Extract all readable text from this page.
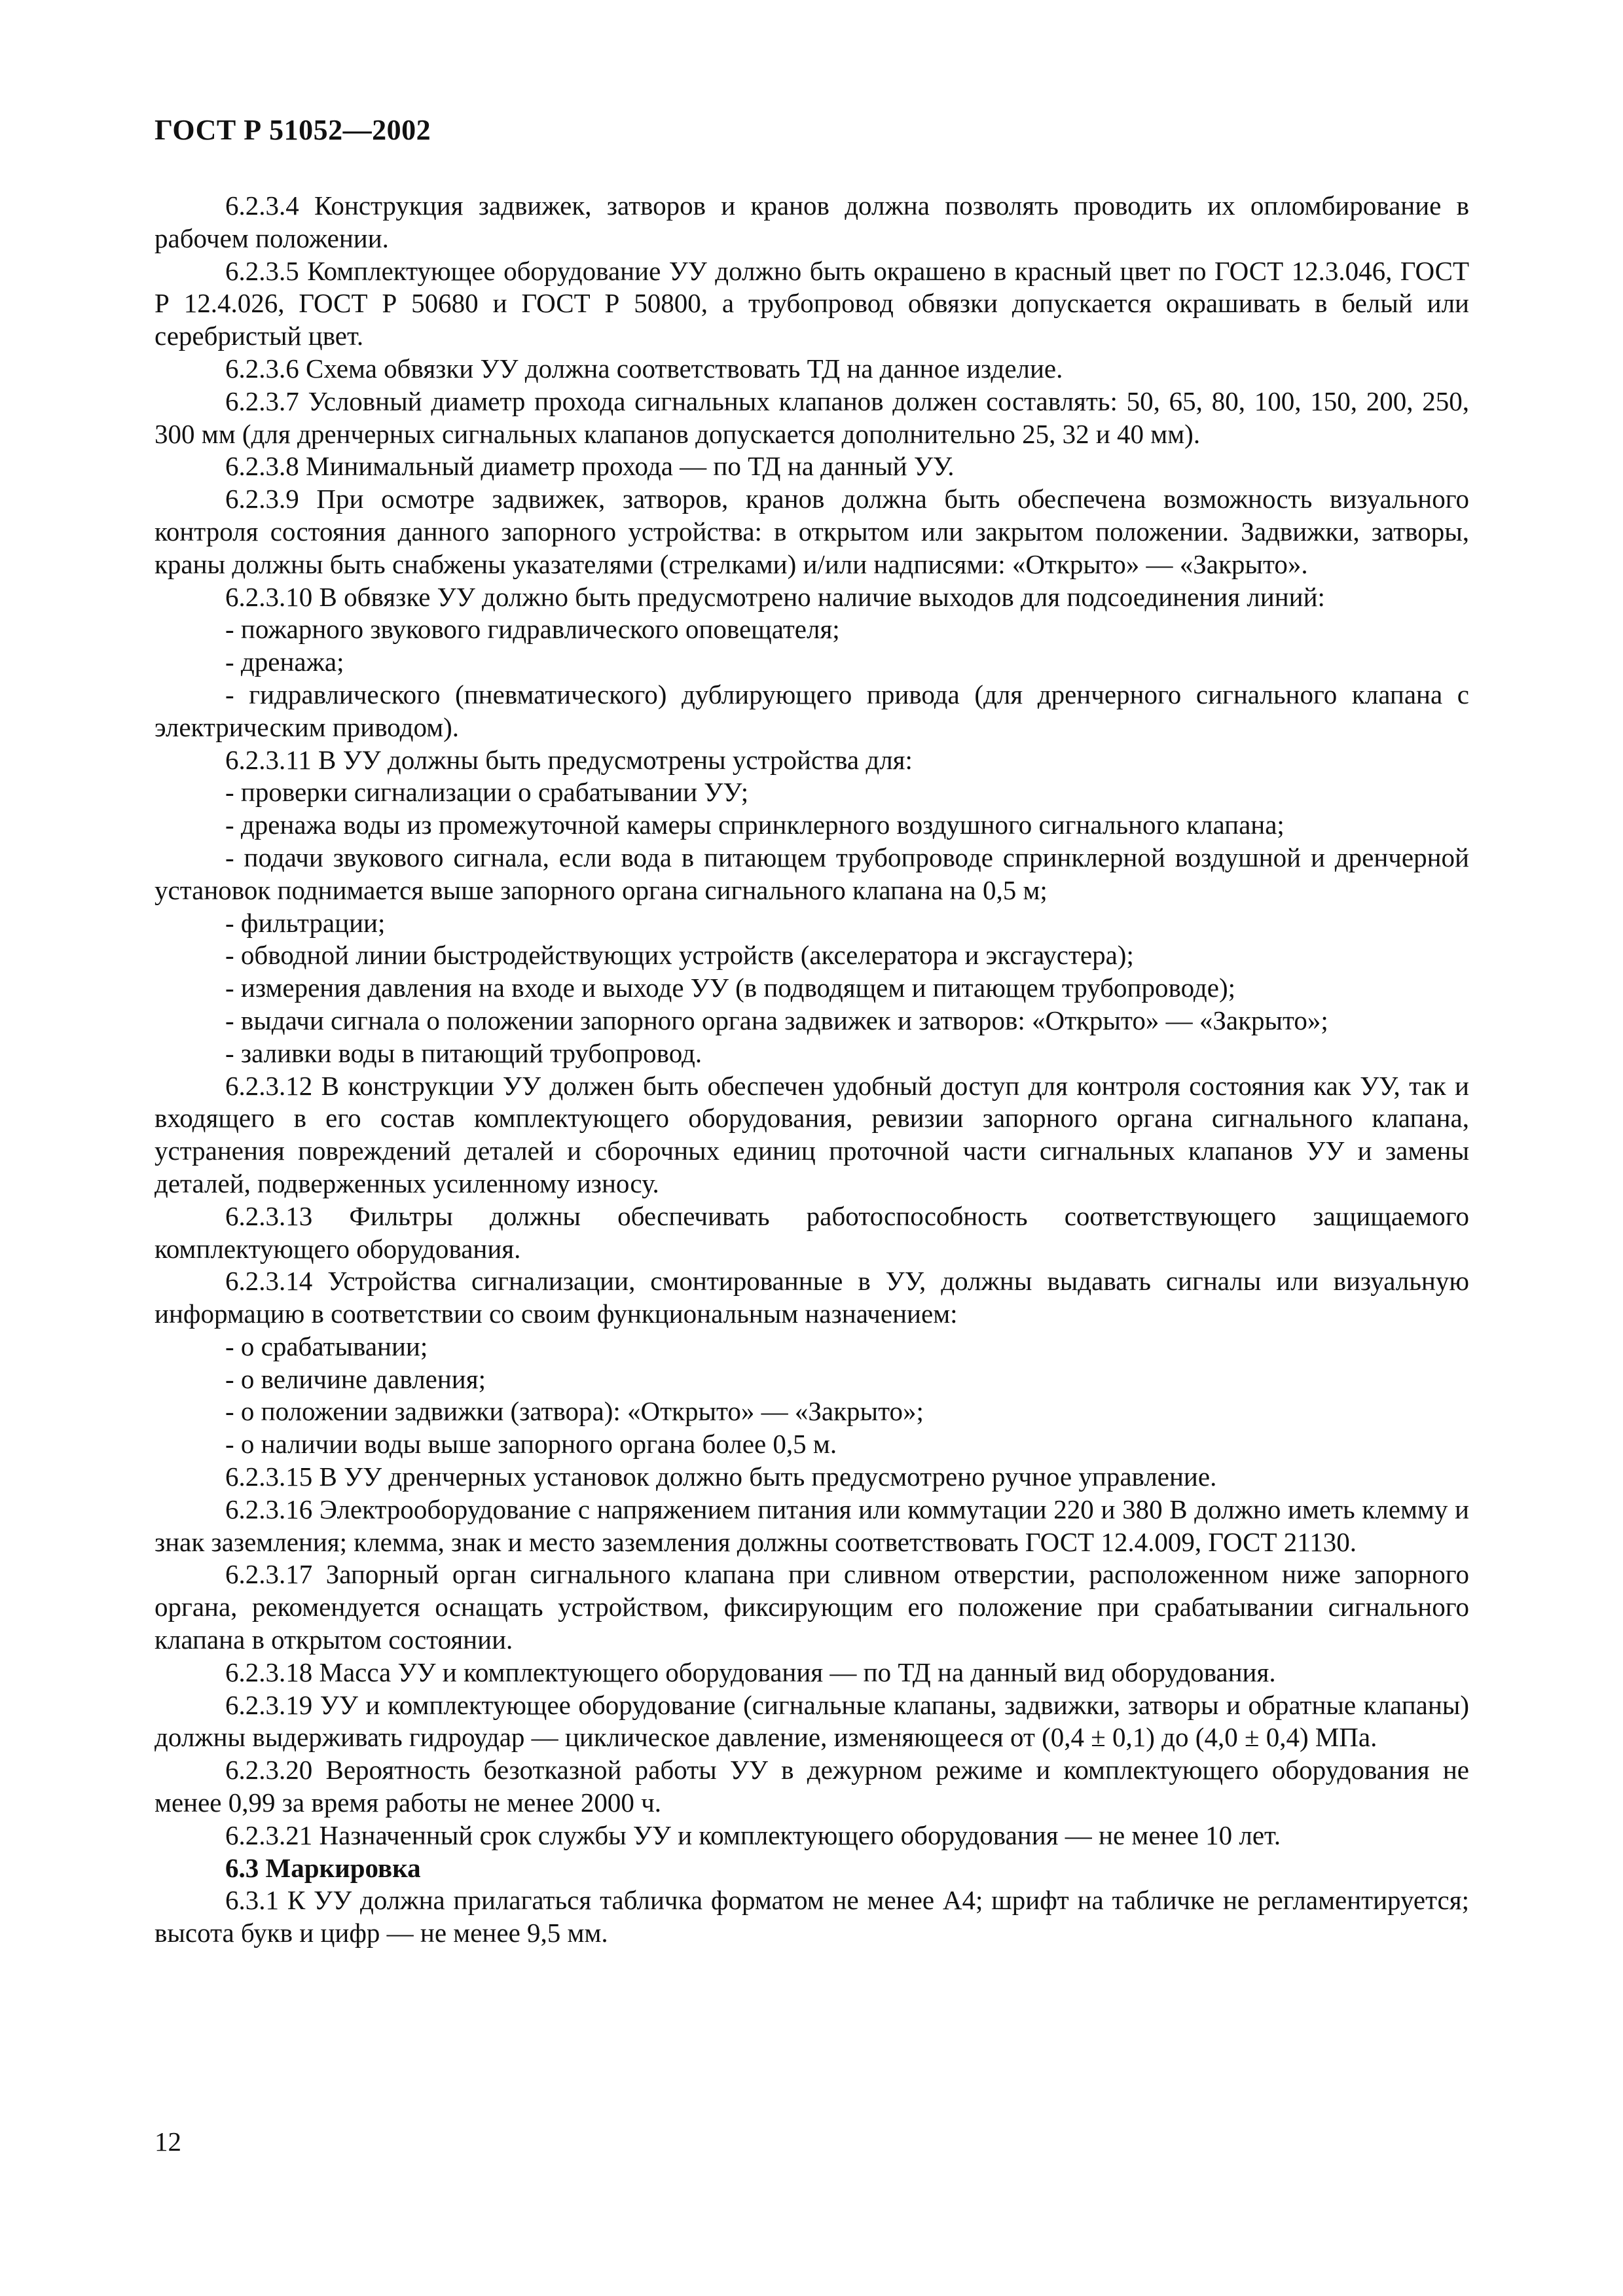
ГОСТ Р 51052—2002

6.2.3.4 Конструкция задвижек, затворов и кранов должна позволять проводить их опломбирование в рабочем положении.

6.2.3.5 Комплектующее оборудование УУ должно быть окрашено в красный цвет по ГОСТ 12.3.046, ГОСТ Р 12.4.026, ГОСТ Р 50680 и ГОСТ Р 50800, а трубопровод обвязки допускается окрашивать в белый или серебристый цвет.

6.2.3.6 Схема обвязки УУ должна соответствовать ТД на данное изделие.

6.2.3.7 Условный диаметр прохода сигнальных клапанов должен составлять: 50, 65, 80, 100, 150, 200, 250, 300 мм (для дренчерных сигнальных клапанов допускается дополнительно 25, 32 и 40 мм).

6.2.3.8 Минимальный диаметр прохода — по ТД на данный УУ.

6.2.3.9 При осмотре задвижек, затворов, кранов должна быть обеспечена возможность визуального контроля состояния данного запорного устройства: в открытом или закрытом положении. Задвижки, затворы, краны должны быть снабжены указателями (стрелками) и/или надписями: «Открыто» — «Закрыто».

6.2.3.10 В обвязке УУ должно быть предусмотрено наличие выходов для подсоединения линий:

- пожарного звукового гидравлического оповещателя;

- дренажа;

- гидравлического (пневматического) дублирующего привода (для дренчерного сигнального клапана с электрическим приводом).

6.2.3.11 В УУ должны быть предусмотрены устройства для:

- проверки сигнализации о срабатывании УУ;

- дренажа воды из промежуточной камеры спринклерного воздушного сигнального клапана;

- подачи звукового сигнала, если вода в питающем трубопроводе спринклерной воздушной и дренчерной установок поднимается выше запорного органа сигнального клапана на 0,5 м;

- фильтрации;

- обводной линии быстродействующих устройств (акселератора и эксгаустера);

- измерения давления на входе и выходе УУ (в подводящем и питающем трубопроводе);

- выдачи сигнала о положении запорного органа задвижек и затворов: «Открыто» — «Закрыто»;

- заливки воды в питающий трубопровод.

6.2.3.12 В конструкции УУ должен быть обеспечен удобный доступ для контроля состояния как УУ, так и входящего в его состав комплектующего оборудования, ревизии запорного органа сигнального клапана, устранения повреждений деталей и сборочных единиц проточной части сигнальных клапанов УУ и замены деталей, подверженных усиленному износу.

6.2.3.13 Фильтры должны обеспечивать работоспособность соответствующего защищаемого комплектующего оборудования.

6.2.3.14 Устройства сигнализации, смонтированные в УУ, должны выдавать сигналы или визуальную информацию в соответствии со своим функциональным назначением:

- о срабатывании;

- о величине давления;

- о положении задвижки (затвора): «Открыто» — «Закрыто»;

- о наличии воды выше запорного органа более 0,5 м.

6.2.3.15 В УУ дренчерных установок должно быть предусмотрено ручное управление.

6.2.3.16 Электрооборудование с напряжением питания или коммутации 220 и 380 В должно иметь клемму и знак заземления; клемма, знак и место заземления должны соответствовать ГОСТ 12.4.009, ГОСТ 21130.

6.2.3.17 Запорный орган сигнального клапана при сливном отверстии, расположенном ниже запорного органа, рекомендуется оснащать устройством, фиксирующим его положение при срабатывании сигнального клапана в открытом состоянии.

6.2.3.18 Масса УУ и комплектующего оборудования — по ТД на данный вид оборудования.

6.2.3.19 УУ и комплектующее оборудование (сигнальные клапаны, задвижки, затворы и обратные клапаны) должны выдерживать гидроудар — циклическое давление, изменяющееся от (0,4 ± 0,1) до (4,0 ± 0,4) МПа.

6.2.3.20 Вероятность безотказной работы УУ в дежурном режиме и комплектующего оборудования не менее 0,99 за время работы не менее 2000 ч.

6.2.3.21 Назначенный срок службы УУ и комплектующего оборудования — не менее 10 лет.

6.3 Маркировка

6.3.1 К УУ должна прилагаться табличка форматом не менее А4; шрифт на табличке не регламентируется; высота букв и цифр — не менее 9,5 мм.

12
